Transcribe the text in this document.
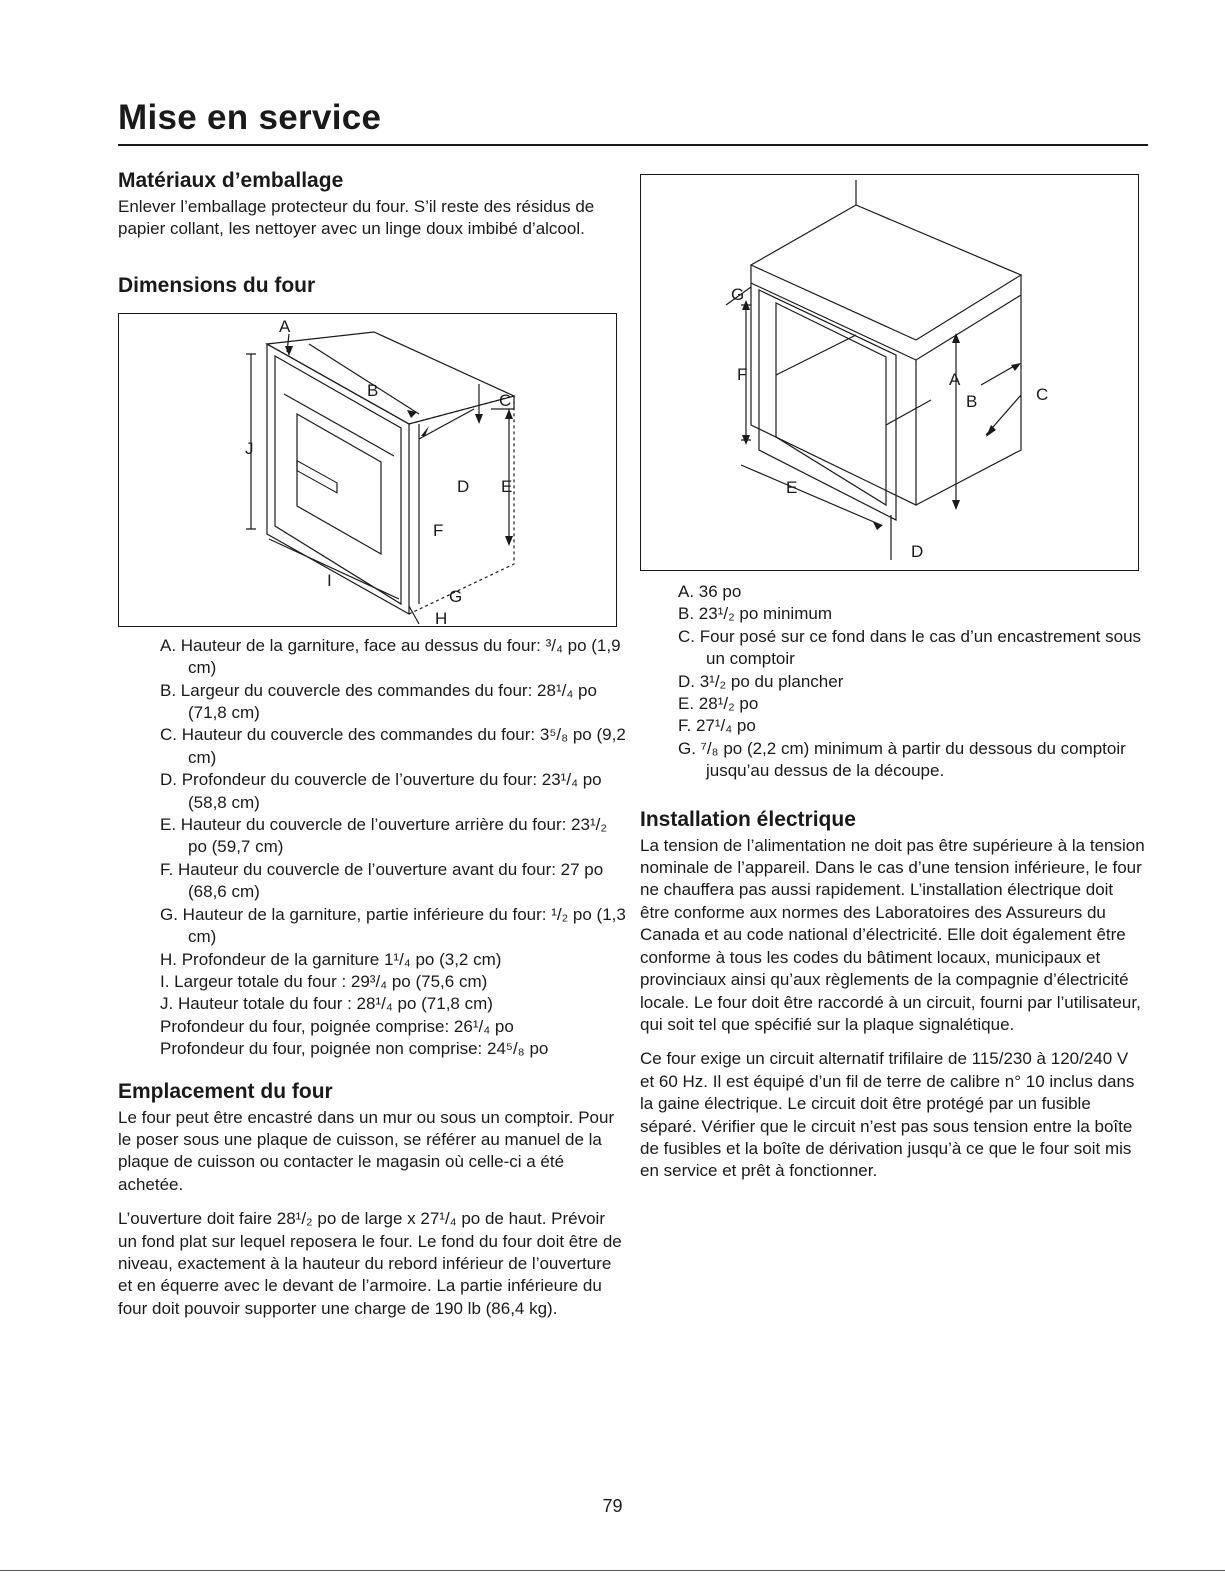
Mise en service
Matériaux d’emballage

Enlever l’emballage protecteur du four. S’il reste des résidus de papier collant, les nettoyer avec un linge doux imbibé d’alcool.

Dimensions du four
A
B
C
D E
F
G
H
I
J
A. Hauteur de la garniture, face au dessus du four: ³/₄ po (1,9 cm)
B. Largeur du couvercle des commandes du four: 28¹/₄ po (71,8 cm)
C. Hauteur du couvercle des commandes du four: 3⁵/₈ po (9,2 cm)
D. Profondeur du couvercle de l’ouverture du four: 23¹/₄ po (58,8 cm)
E. Hauteur du couvercle de l’ouverture arrière du four: 23¹/₂ po (59,7 cm)
F. Hauteur du couvercle de l’ouverture avant du four: 27 po (68,6 cm)
G. Hauteur de la garniture, partie inférieure du four: ¹/₂ po (1,3 cm)
H. Profondeur de la garniture 1¹/₄ po (3,2 cm)
I. Largeur totale du four : 29³/₄ po (75,6 cm)
J. Hauteur totale du four : 28¹/₄ po (71,8 cm)
Profondeur du four, poignée comprise: 26¹/₄ po
Profondeur du four, poignée non comprise: 24⁵/₈ po
Emplacement du four

Le four peut être encastré dans un mur ou sous un comptoir. Pour le poser sous une plaque de cuisson, se référer au manuel de la plaque de cuisson ou contacter le magasin où celle-ci a été achetée.

L’ouverture doit faire 28¹/₂ po de large x 27¹/₄ po de haut. Prévoir un fond plat sur lequel reposera le four. Le fond du four doit être de niveau, exactement à la hauteur du rebord inférieur de l’ouverture et en équerre avec le devant de l’armoire. La partie inférieure du four doit pouvoir supporter une charge de 190 lb (86,4 kg).

A
B	C
D
E
F
G
A. 36 po
B. 23¹/₂ po minimum
C. Four posé sur ce fond dans le cas d’un encastrement sous un comptoir
D. 3¹/₂ po du plancher
E. 28¹/₂ po
F. 27¹/₄ po
G. ⁷/₈ po (2,2 cm) minimum à partir du dessous du comptoir jusqu’au dessus de la découpe.
Installation électrique

La tension de l’alimentation ne doit pas être supérieure à la tension nominale de l’appareil. Dans le cas d’une tension inférieure, le four ne chauffera pas aussi rapidement. L’installation électrique doit être conforme aux normes des Laboratoires des Assureurs du Canada et au code national d’électricité. Elle doit également être conforme à tous les codes du bâtiment locaux, municipaux et provinciaux ainsi qu’aux règlements de la compagnie d’électricité locale. Le four doit être raccordé à un circuit, fourni par l’utilisateur, qui soit tel que spécifié sur la plaque signalétique.

Ce four exige un circuit alternatif trifilaire de 115/230 à 120/240 V et 60 Hz. Il est équipé d’un fil de terre de calibre n° 10 inclus dans la gaine électrique. Le circuit doit être protégé par un fusible séparé. Vérifier que le circuit n’est pas sous tension entre la boîte de fusibles et la boîte de dérivation jusqu’à ce que le four soit mis en service et prêt à fonctionner.

79
